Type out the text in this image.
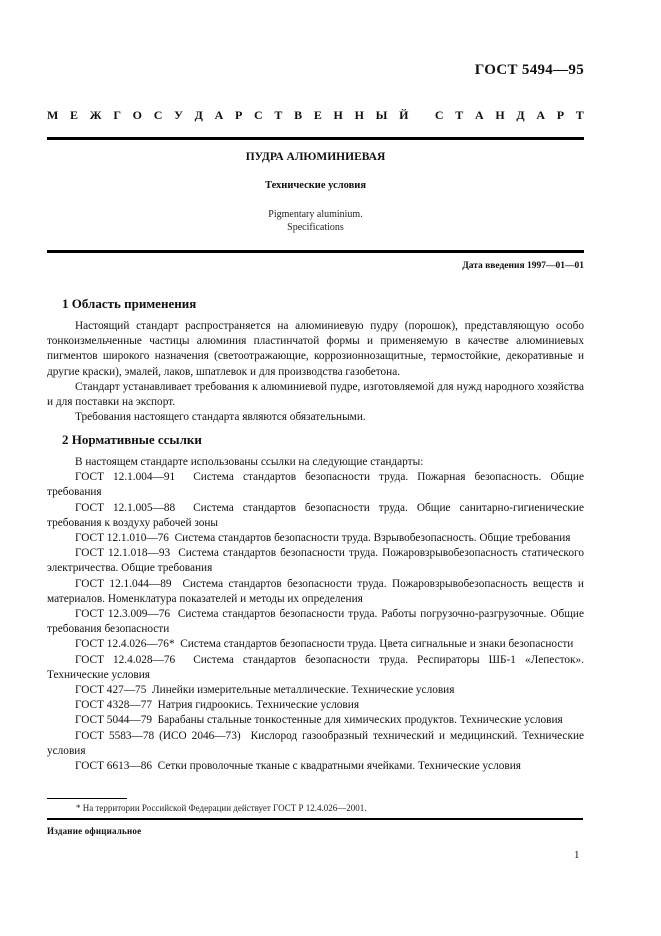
ГОСТ 5494—95
М Е Ж Г О С У Д А Р С Т В Е Н Н Ы Й
С Т А Н Д А Р Т
ПУДРА АЛЮМИНИЕВАЯ
Технические условия
Pigmentary aluminium.
Specifications
Дата введения 1997—01—01
1 Область применения

Настоящий стандарт распространяется на алюминиевую пудру (порошок), представляющую особо тонкоизмельченные частицы алюминия пластинчатой формы и применяемую в качестве алюминиевых пигментов широкого назначения (светоотражающие, коррозионнозащитные, термостойкие, декоративные и другие краски), эмалей, лаков, шпатлевок и для производства газобетона.

Стандарт устанавливает требования к алюминиевой пудре, изготовляемой для нужд народного хозяйства и для поставки на экспорт.

Требования настоящего стандарта являются обязательными.

2 Нормативные ссылки

В настоящем стандарте использованы ссылки на следующие стандарты:

ГОСТ 12.1.004—91 Система стандартов безопасности труда. Пожарная безопасность. Общие требования

ГОСТ 12.1.005—88 Система стандартов безопасности труда. Общие санитарно-гигиенические требования к воздуху рабочей зоны

ГОСТ 12.1.010—76 Система стандартов безопасности труда. Взрывобезопасность. Общие требования

ГОСТ 12.1.018—93 Система стандартов безопасности труда. Пожаровзрывобезопасность статического электричества. Общие требования

ГОСТ 12.1.044—89 Система стандартов безопасности труда. Пожаровзрывобезопасность веществ и материалов. Номенклатура показателей и методы их определения

ГОСТ 12.3.009—76 Система стандартов безопасности труда. Работы погрузочно-разгрузочные. Общие требования безопасности

ГОСТ 12.4.026—76* Система стандартов безопасности труда. Цвета сигнальные и знаки безопасности

ГОСТ 12.4.028—76 Система стандартов безопасности труда. Респираторы ШБ-1 «Лепесток». Технические условия

ГОСТ 427—75 Линейки измерительные металлические. Технические условия

ГОСТ 4328—77 Натрия гидроокись. Технические условия

ГОСТ 5044—79 Барабаны стальные тонкостенные для химических продуктов. Технические условия

ГОСТ 5583—78 (ИСО 2046—73) Кислород газообразный технический и медицинский. Технические условия

ГОСТ 6613—86 Сетки проволочные тканые с квадратными ячейками. Технические условия

* На территории Российской Федерации действует ГОСТ Р 12.4.026—2001.
Издание официальное
1
